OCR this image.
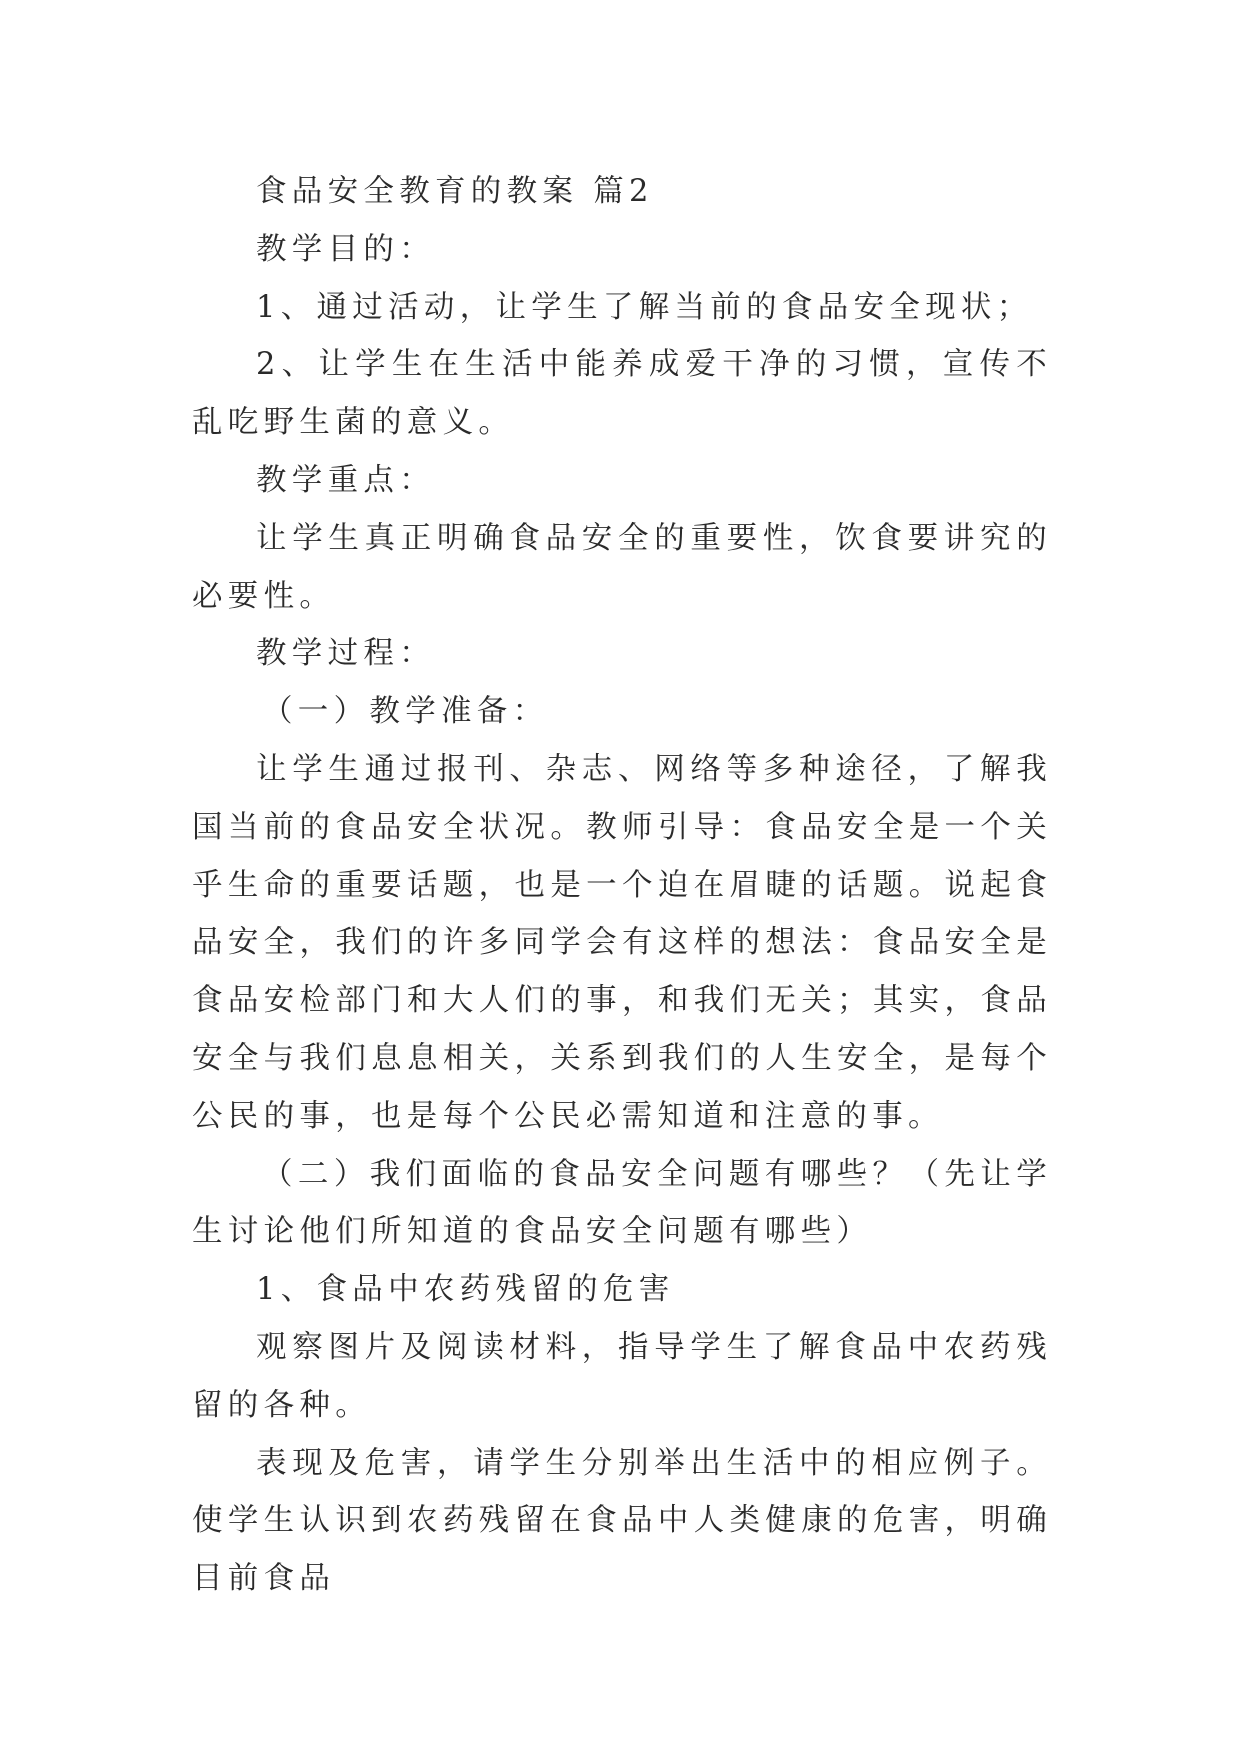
食品安全教育的教案 篇2

教学目的：

1、通过活动，让学生了解当前的食品安全现状；

2、让学生在生活中能养成爱干净的习惯，宣传不乱吃野生菌的意义。

教学重点：

让学生真正明确食品安全的重要性，饮食要讲究的必要性。

教学过程：

（一）教学准备：

让学生通过报刊、杂志、网络等多种途径，了解我国当前的食品安全状况。教师引导：食品安全是一个关乎生命的重要话题，也是一个迫在眉睫的话题。说起食品安全，我们的许多同学会有这样的想法：食品安全是食品安检部门和大人们的事，和我们无关；其实，食品安全与我们息息相关，关系到我们的人生安全，是每个公民的事，也是每个公民必需知道和注意的事。

（二）我们面临的食品安全问题有哪些？（先让学生讨论他们所知道的食品安全问题有哪些）

1、食品中农药残留的危害

观察图片及阅读材料，指导学生了解食品中农药残留的各种。

表现及危害，请学生分别举出生活中的相应例子。使学生认识到农药残留在食品中人类健康的危害，明确目前食品
